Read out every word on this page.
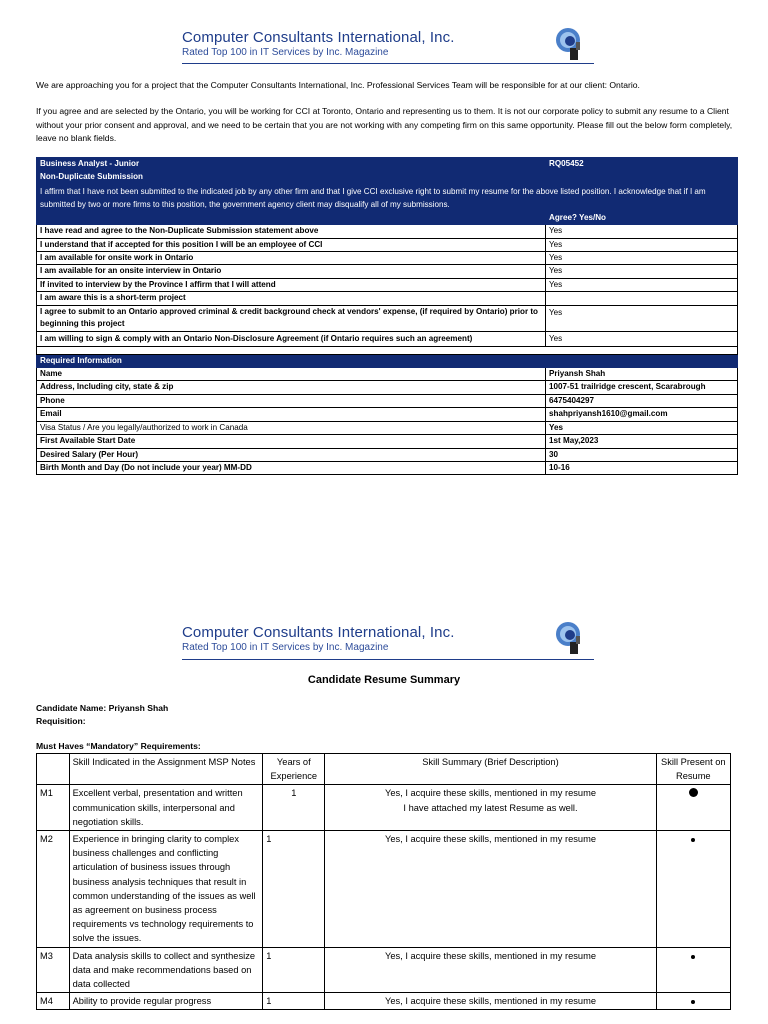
Computer Consultants International, Inc.
Rated Top 100 in IT Services by Inc. Magazine
We are approaching you for a project that the Computer Consultants International, Inc. Professional Services Team will be responsible for at our client: Ontario.
If you agree and are selected by the Ontario, you will be working for CCI at Toronto, Ontario and representing us to them. It is not our corporate policy to submit any resume to a Client without your prior consent and approval, and we need to be certain that you are not working with any competing firm on this same opportunity. Please fill out the below form completely, leave no blank fields.
Business Analyst - Junior	RQ05452
Non-Duplicate Submission	
I affirm that I have not been submitted to the indicated job by any other firm and that I give CCI exclusive right to submit my resume for the above listed position. I acknowledge that if I am submitted by two or more firms to this position, the government agency client may disqualify all of my submissions.	
	Agree? Yes/No
I have read and agree to the Non-Duplicate Submission statement above	Yes
I understand that if accepted for this position I will be an employee of CCI	Yes
I am available for onsite work in Ontario	Yes
I am available for an onsite interview in Ontario	Yes
If invited to interview by the Province I affirm that I will attend	Yes
I am aware this is a short-term project	
I agree to submit to an Ontario approved criminal & credit background check at vendors' expense, (if required by Ontario) prior to beginning this project	Yes
I am willing to sign & comply with an Ontario Non-Disclosure Agreement (if Ontario requires such an agreement)	Yes

Required Information	
Name	Priyansh Shah
Address, Including city, state & zip	1007-51 trailridge crescent, Scarabrough
Phone	6475404297
Email	shahpriyansh1610@gmail.com
Visa Status / Are you legally/authorized to work in Canada	Yes
First Available Start Date	1st May,2023
Desired Salary (Per Hour)	30
Birth Month and Day (Do not include your year) MM-DD	10-16
Computer Consultants International, Inc.
Rated Top 100 in IT Services by Inc. Magazine
Candidate Resume Summary
Candidate Name: Priyansh Shah
Requisition:
Must Haves “Mandatory” Requirements:
	Skill Indicated in the Assignment MSP Notes	Years of Experience	Skill Summary (Brief Description)	Skill Present on Resume
M1	Excellent verbal, presentation and written communication skills, interpersonal and negotiation skills.	1	Yes, I acquire these skills, mentioned in my resume
I have attached my latest Resume as well.	
M2	Experience in bringing clarity to complex business challenges and conflicting articulation of business issues through business analysis techniques that result in common understanding of the issues as well as agreement on business process requirements vs technology requirements to solve the issues.	1	Yes, I acquire these skills, mentioned in my resume	
M3	Data analysis skills to collect and synthesize data and make recommendations based on data collected	1	Yes, I acquire these skills, mentioned in my resume	
M4	Ability to provide regular progress	1	Yes, I acquire these skills, mentioned in my resume	
